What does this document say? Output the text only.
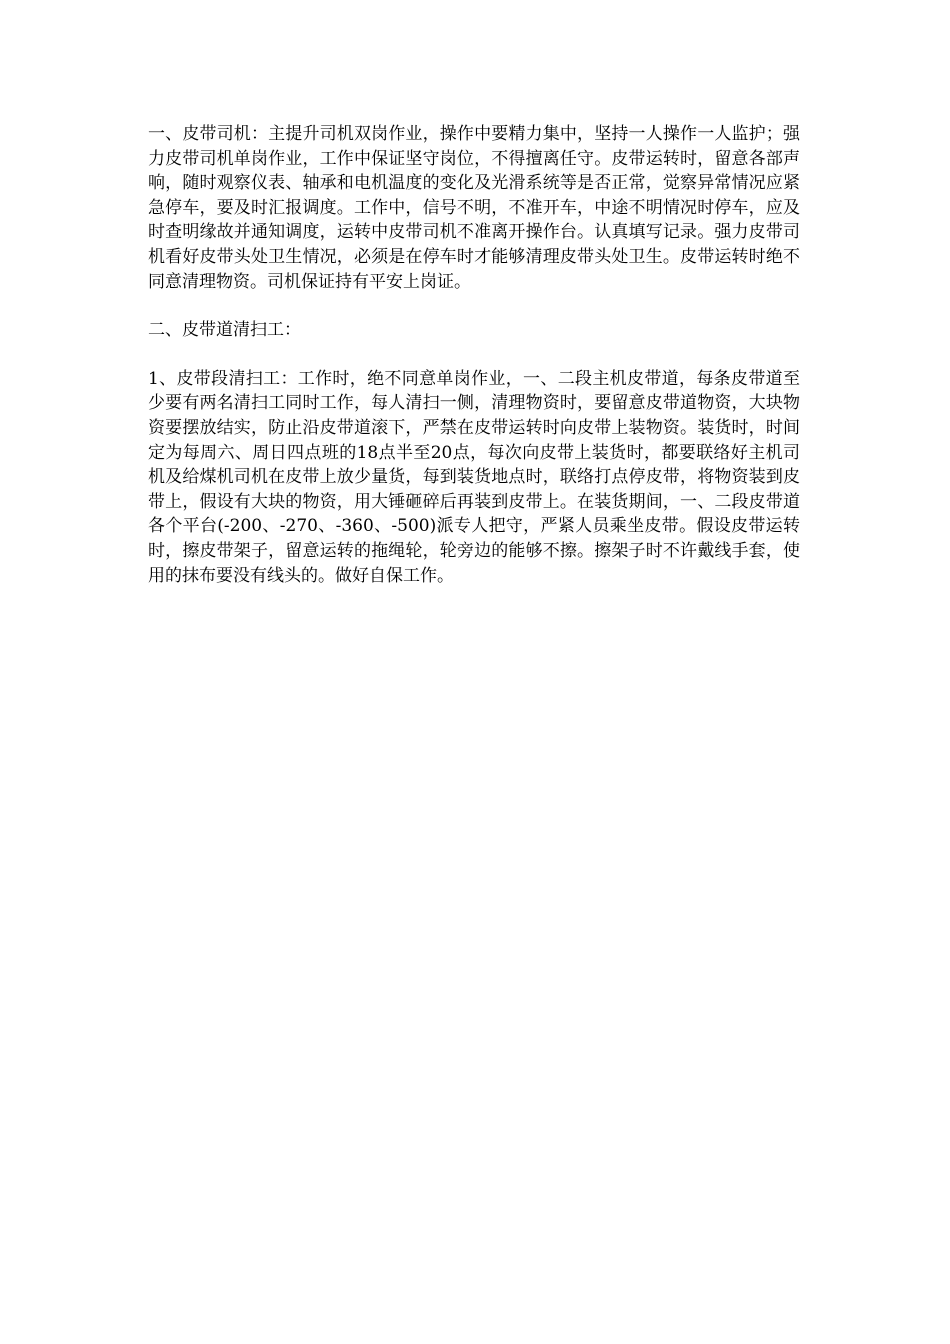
一、皮带司机：主提升司机双岗作业，操作中要精力集中，坚持一人操作一人监护；强力皮带司机单岗作业，工作中保证坚守岗位，不得擅离任守。皮带运转时，留意各部声响，随时观察仪表、轴承和电机温度的变化及光滑系统等是否正常，觉察异常情况应紧急停车，要及时汇报调度。工作中，信号不明，不准开车，中途不明情况时停车，应及时查明缘故并通知调度，运转中皮带司机不准离开操作台。认真填写记录。强力皮带司机看好皮带头处卫生情况，必须是在停车时才能够清理皮带头处卫生。皮带运转时绝不同意清理物资。司机保证持有平安上岗证。

二、皮带道清扫工：

1、皮带段清扫工：工作时，绝不同意单岗作业，一、二段主机皮带道，每条皮带道至少要有两名清扫工同时工作，每人清扫一侧，清理物资时，要留意皮带道物资，大块物资要摆放结实，防止沿皮带道滚下，严禁在皮带运转时向皮带上装物资。装货时，时间定为每周六、周日四点班的18点半至20点，每次向皮带上装货时，都要联络好主机司机及给煤机司机在皮带上放少量货，每到装货地点时，联络打点停皮带，将物资装到皮带上，假设有大块的物资，用大锤砸碎后再装到皮带上。在装货期间，一、二段皮带道各个平台(-200、-270、-360、-500)派专人把守，严紧人员乘坐皮带。假设皮带运转时，擦皮带架子，留意运转的拖绳轮，轮旁边的能够不擦。擦架子时不许戴线手套，使用的抹布要没有线头的。做好自保工作。
